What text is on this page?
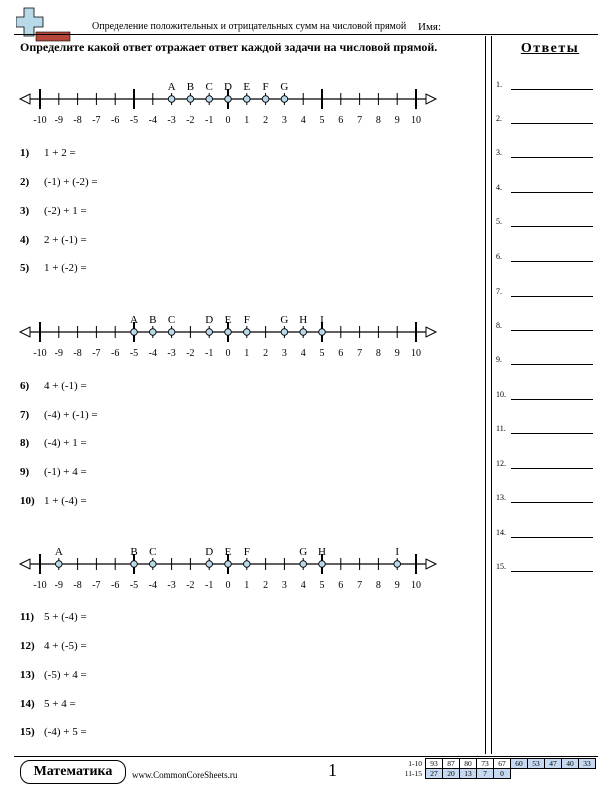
Определение положительных и отрицательных сумм на числовой прямой Имя:
Определите какой ответ отражает ответ каждой задачи на числовой прямой.	Ответы
1.
2.
3.
4.
5.
6.
7.
8.
9.
10.
11.
12.
13.
14.
15.
-10 -9 -8 -7 -6 -5 -4 -3 -2 -1 0 1 2 3 4 5 6 7 8 9 10
A B C D E F G
-10 -9 -8 -7 -6 -5 -4 -3 -2 -1 0 1 2 3 4 5 6 7 8 9 10
A B C	D E F	G H I
-10 -9 -8 -7 -6 -5 -4 -3 -2 -1 0 1 2 3 4 5 6 7 8 9 10
A	B C	D E F	G H	I
1) 1 + 2 =
2) (-1) + (-2) =
3) (-2) + 1 =
4) 2 + (-1) =
5) 1 + (-2) =
6) 4 + (-1) =
7) (-4) + (-1) =
8) (-4) + 1 =
9) (-1) + 4 =
10) 1 + (-4) =
11) 5 + (-4) =
12) 4 + (-5) =
13) (-5) + 4 =
14) 5 + 4 =
15) (-4) + 5 =
Математика	www.CommonCoreSheets.ru	1	1-10	93	87	80	73	67	60	53	47	40	33
11-15	27	20	13	7	0					
